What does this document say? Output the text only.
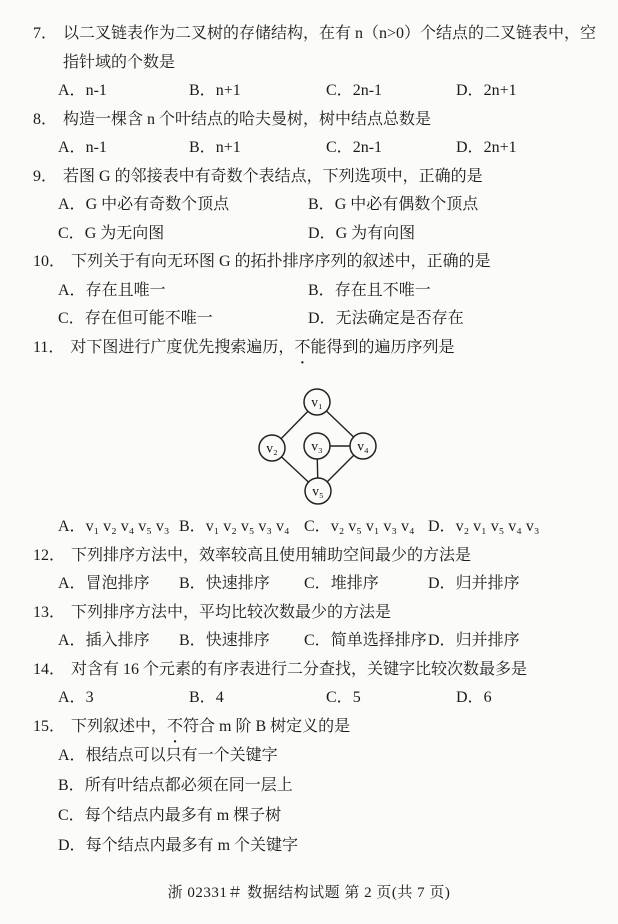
7． 以二叉链表作为二叉树的存储结构，在有 n（n>0）个结点的二叉链表中，空指针域的个数是
A．n-1	B．n+1	C．2n-1	D．2n+1
8． 构造一棵含 n 个叶结点的哈夫曼树，树中结点总数是
A．n-1	B．n+1	C．2n-1	D．2n+1
9． 若图 G 的邻接表中有奇数个表结点，下列选项中，正确的是
A．G 中必有奇数个顶点	B．G 中必有偶数个顶点
C．G 为无向图	D．G 为有向图
10． 下列关于有向无环图 G 的拓扑排序序列的叙述中，正确的是
A．存在且唯一	B．存在且不唯一
C．存在但可能不唯一	D．无法确定是否存在
11． 对下图进行广度优先搜索遍历，不能得到的遍历序列是
v₁
v₂ v₃	v₄
v₅
A．v₁ v₂ v₄ v₅ v₃ B．v₁ v₂ v₅ v₃ v₄ C．v₂ v₅ v₁ v₃ v₄ D．v₂ v₁ v₅ v₄ v₃
12． 下列排序方法中，效率较高且使用辅助空间最少的方法是
A．冒泡排序	B．快速排序	C．堆排序	D．归并排序
13． 下列排序方法中，平均比较次数最少的方法是
A．插入排序	B．快速排序	C．简单选择排序 D．归并排序
14． 对含有 16 个元素的有序表进行二分查找，关键字比较次数最多是
A．3	B．4	C．5	D．6
15． 下列叙述中，不符合 m 阶 B 树定义的是
A．根结点可以只有一个关键字
B．所有叶结点都必须在同一层上
C．每个结点内最多有 m 棵子树
D．每个结点内最多有 m 个关键字
浙 02331＃ 数据结构试题 第 2 页(共 7 页)
